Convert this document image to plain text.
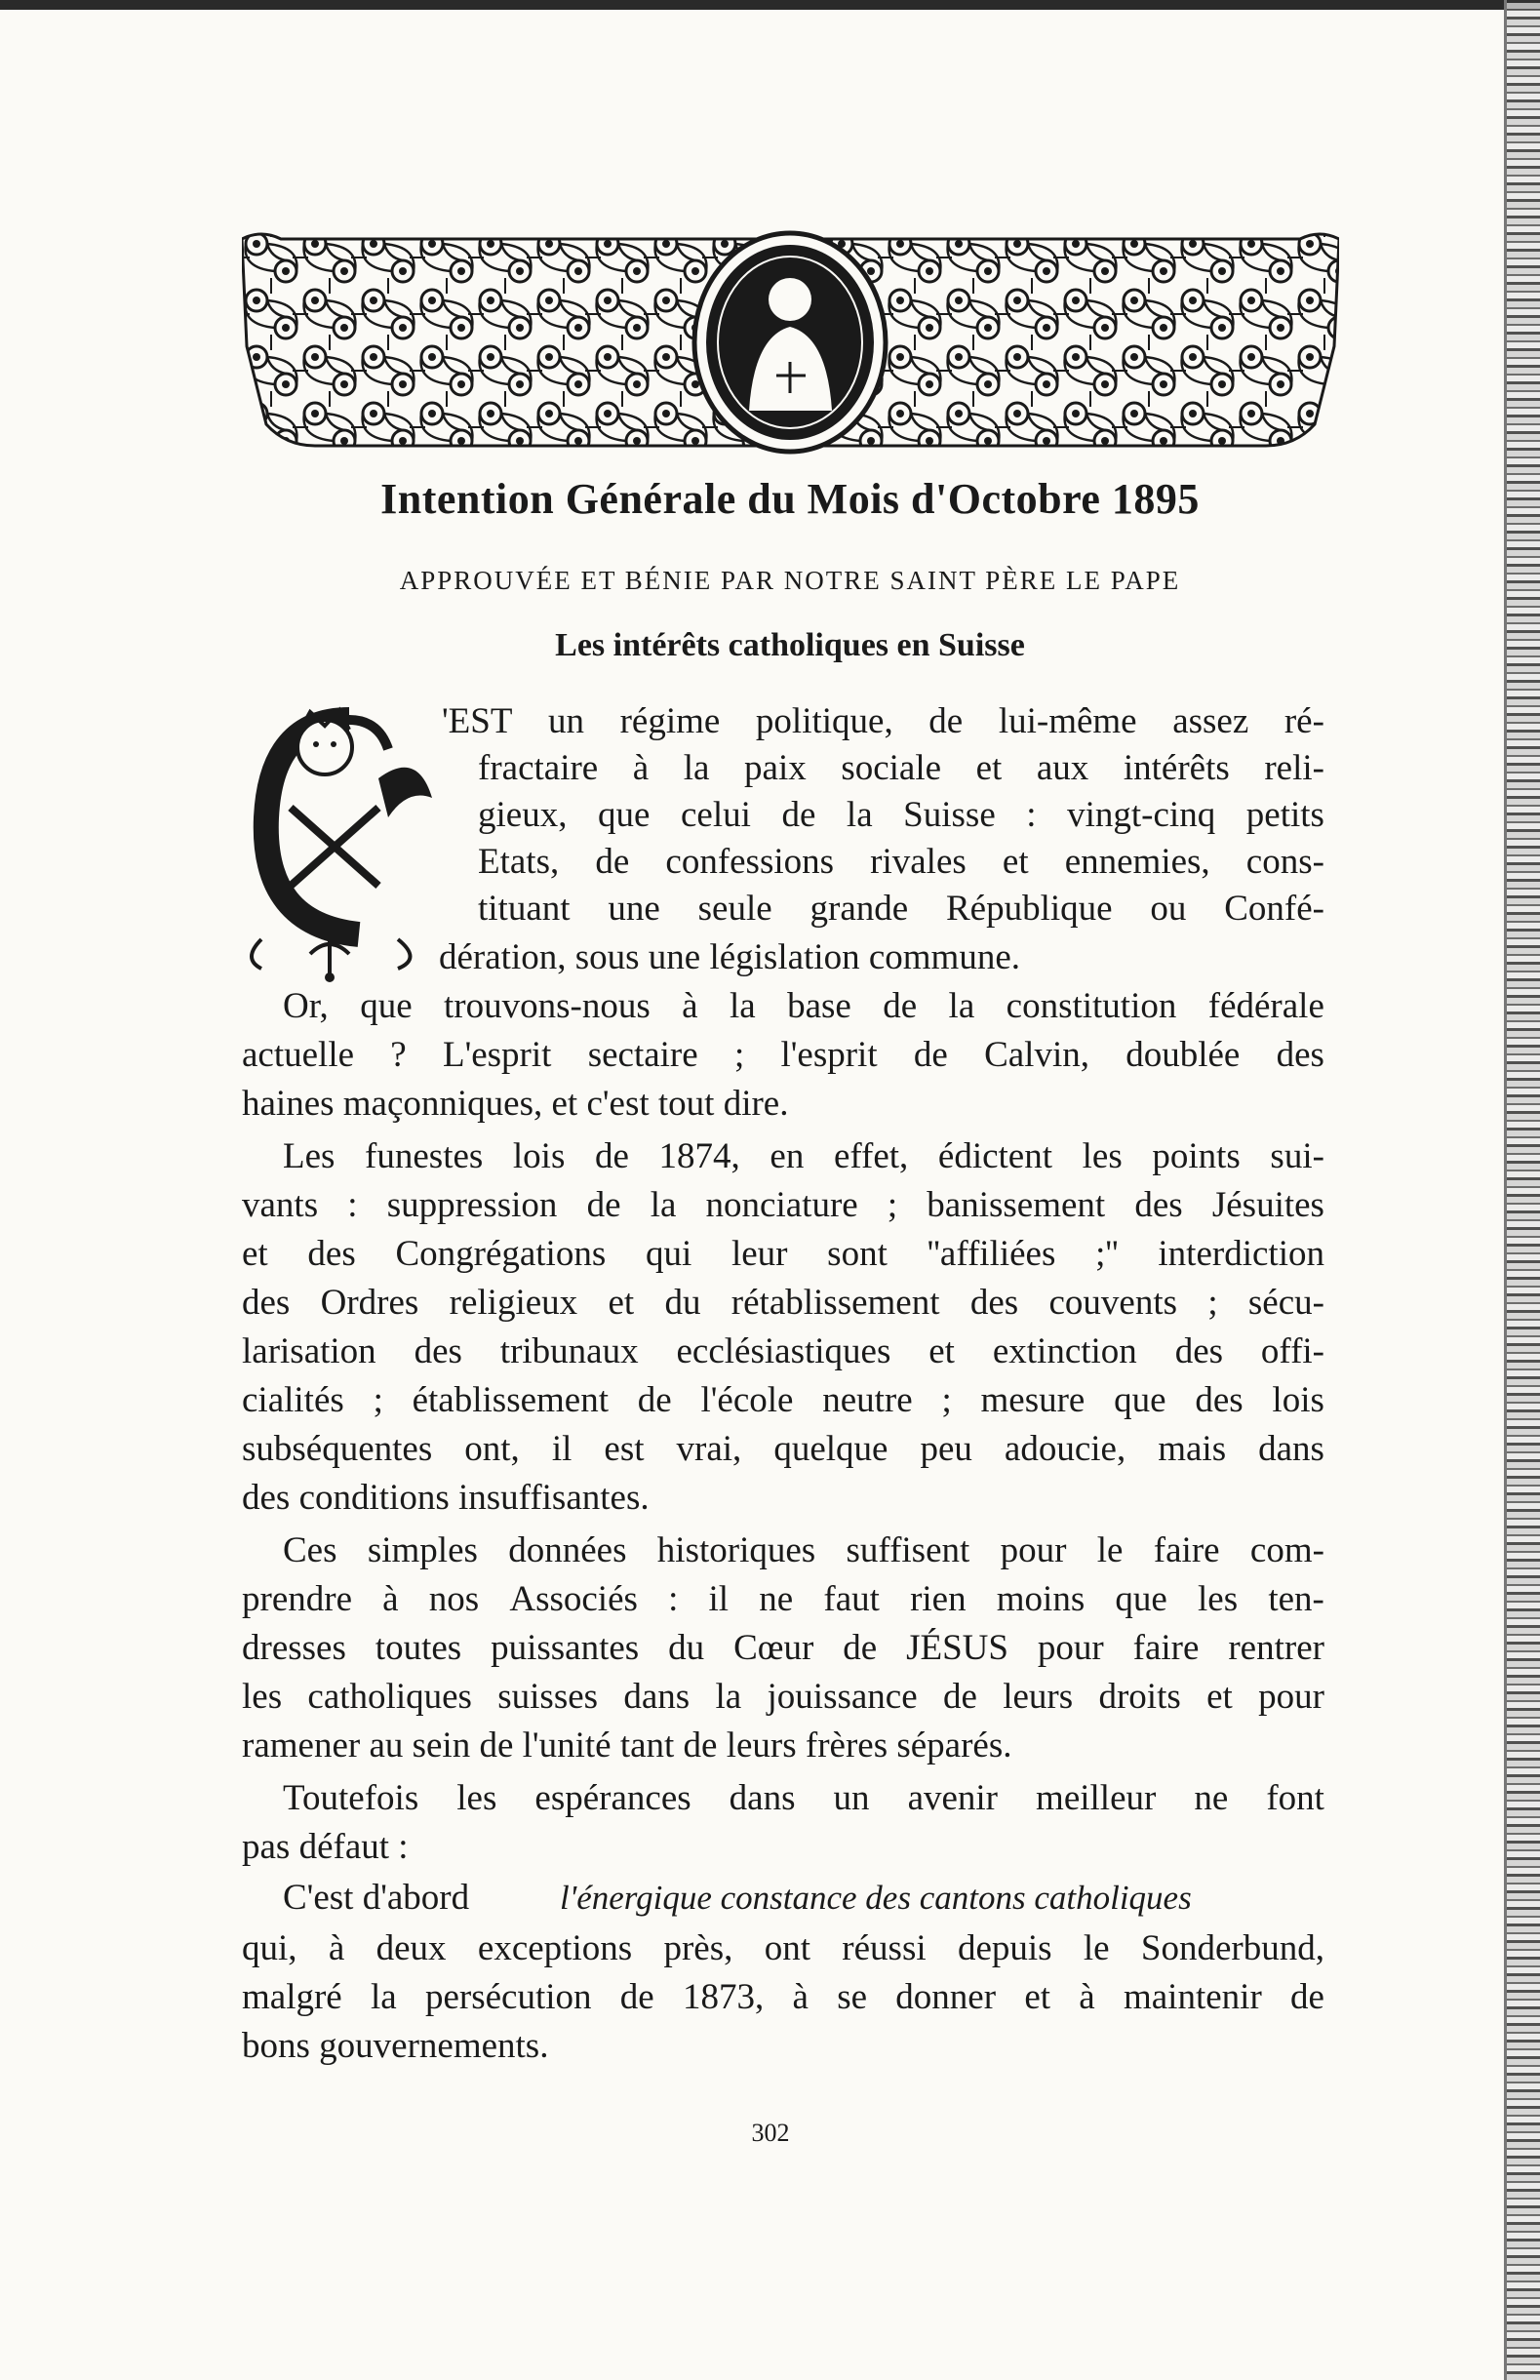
Intention Générale du Mois d'Octobre 1895
APPROUVÉE ET BÉNIE PAR NOTRE SAINT PÈRE LE PAPE
Les intérêts catholiques en Suisse
'EST un régime politique, de lui-même assez ré-
fractaire à la paix sociale et aux intérêts reli-
gieux, que celui de la Suisse : vingt-cinq petits
Etats, de confessions rivales et ennemies, cons-
tituant une seule grande République ou Confé-
dération, sous une législation commune.
Or, que trouvons-nous à la base de la constitution fédérale
actuelle ? L'esprit sectaire ; l'esprit de Calvin, doublée des
haines maçonniques, et c'est tout dire.
Les funestes lois de 1874, en effet, édictent les points sui-
vants : suppression de la nonciature ; banissement des Jésuites
et des Congrégations qui leur sont ''affiliées ;'' interdiction
des Ordres religieux et du rétablissement des couvents ; sécu-
larisation des tribunaux ecclésiastiques et extinction des offi-
cialités ; établissement de l'école neutre ; mesure que des lois
subséquentes ont, il est vrai, quelque peu adoucie, mais dans
des conditions insuffisantes.
Ces simples données historiques suffisent pour le faire com-
prendre à nos Associés : il ne faut rien moins que les ten-
dresses toutes puissantes du Cœur de JÉSUS pour faire rentrer
les catholiques suisses dans la jouissance de leurs droits et pour
ramener au sein de l'unité tant de leurs frères séparés.
Toutefois les espérances dans un avenir meilleur ne font
pas défaut :
C'est d'abord	l'énergique constance des cantons catholiques
qui, à deux exceptions près, ont réussi depuis le Sonderbund,
malgré la persécution de 1873, à se donner et à maintenir de
bons gouvernements.
302
